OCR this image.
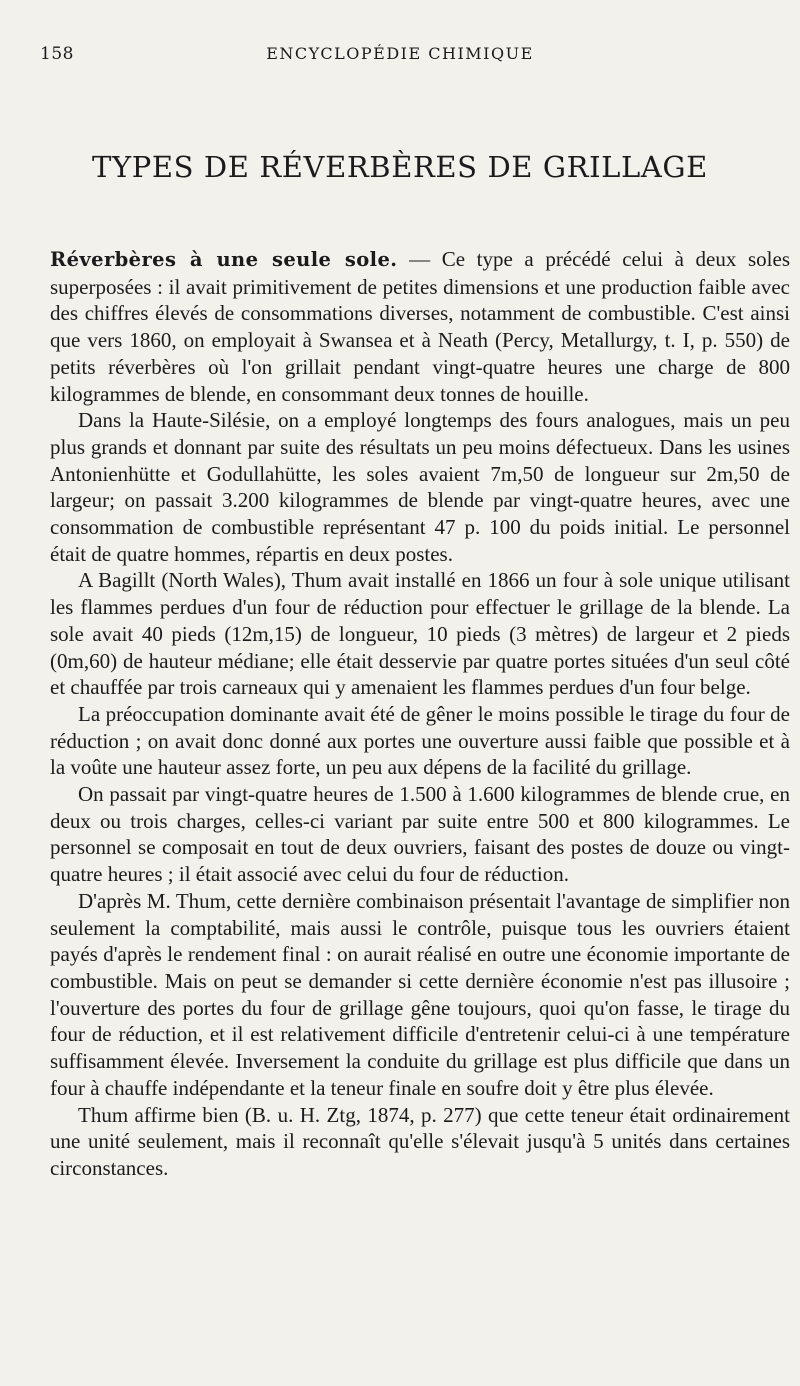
158	ENCYCLOPÉDIE CHIMIQUE
TYPES DE RÉVERBÈRES DE GRILLAGE

Réverbères à une seule sole. — Ce type a précédé celui à deux soles superposées : il avait primitivement de petites dimensions et une production faible avec des chiffres élevés de consommations diverses, notamment de combustible. C'est ainsi que vers 1860, on employait à Swansea et à Neath (Percy, Metallurgy, t. I, p. 550) de petits réverbères où l'on grillait pendant vingt-quatre heures une charge de 800 kilogrammes de blende, en consommant deux tonnes de houille.

Dans la Haute-Silésie, on a employé longtemps des fours analogues, mais un peu plus grands et donnant par suite des résultats un peu moins défectueux. Dans les usines Antonienhütte et Godullahütte, les soles avaient 7m,50 de longueur sur 2m,50 de largeur; on passait 3.200 kilogrammes de blende par vingt-quatre heures, avec une consommation de combustible représentant 47 p. 100 du poids initial. Le personnel était de quatre hommes, répartis en deux postes.

A Bagillt (North Wales), Thum avait installé en 1866 un four à sole unique utilisant les flammes perdues d'un four de réduction pour effectuer le grillage de la blende. La sole avait 40 pieds (12m,15) de longueur, 10 pieds (3 mètres) de largeur et 2 pieds (0m,60) de hauteur médiane; elle était desservie par quatre portes situées d'un seul côté et chauffée par trois carneaux qui y amenaient les flammes perdues d'un four belge.

La préoccupation dominante avait été de gêner le moins possible le tirage du four de réduction ; on avait donc donné aux portes une ouverture aussi faible que possible et à la voûte une hauteur assez forte, un peu aux dépens de la facilité du grillage.

On passait par vingt-quatre heures de 1.500 à 1.600 kilogrammes de blende crue, en deux ou trois charges, celles-ci variant par suite entre 500 et 800 kilogrammes. Le personnel se composait en tout de deux ouvriers, faisant des postes de douze ou vingt-quatre heures ; il était associé avec celui du four de réduction.

D'après M. Thum, cette dernière combinaison présentait l'avantage de simplifier non seulement la comptabilité, mais aussi le contrôle, puisque tous les ouvriers étaient payés d'après le rendement final : on aurait réalisé en outre une économie importante de combustible. Mais on peut se demander si cette dernière économie n'est pas illusoire ; l'ouverture des portes du four de grillage gêne toujours, quoi qu'on fasse, le tirage du four de réduction, et il est relativement difficile d'entretenir celui-ci à une température suffisamment élevée. Inversement la conduite du grillage est plus difficile que dans un four à chauffe indépendante et la teneur finale en soufre doit y être plus élevée.

Thum affirme bien (B. u. H. Ztg, 1874, p. 277) que cette teneur était ordinairement une unité seulement, mais il reconnaît qu'elle s'élevait jusqu'à 5 unités dans certaines circonstances.
